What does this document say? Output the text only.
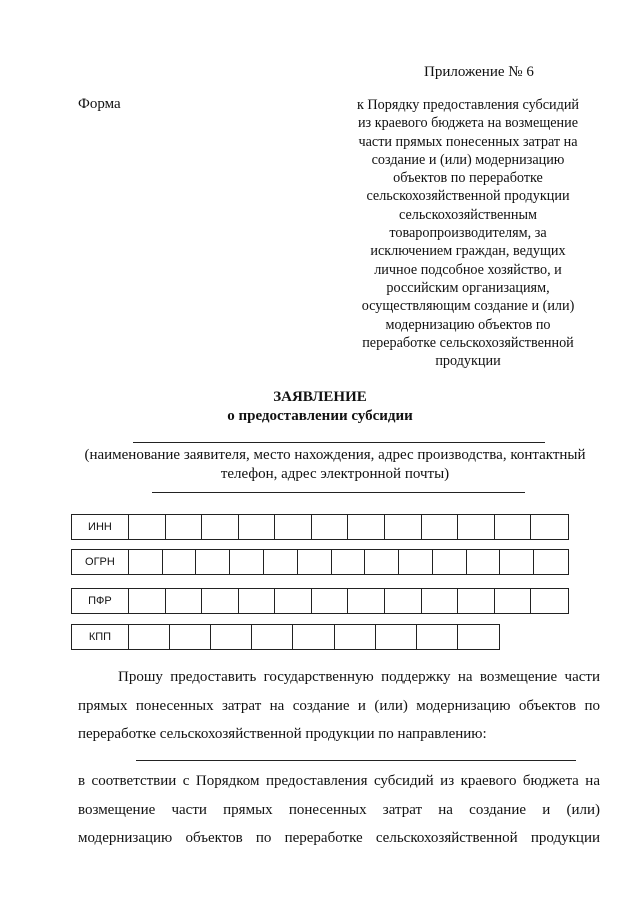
Приложение № 6
Форма	к Порядку предоставления субсидий
из краевого бюджета на возмещение
части прямых понесенных затрат на
создание и (или) модернизацию
объектов по переработке
сельскохозяйственной продукции
сельскохозяйственным
товаропроизводителям, за
исключением граждан, ведущих
личное подсобное хозяйство, и
российским организациям,
осуществляющим создание и (или)
модернизацию объектов по
переработке сельскохозяйственной
продукции
ЗАЯВЛЕНИЕ
о предоставлении субсидии
(наименование заявителя, место нахождения, адрес производства, контактный
телефон, адрес электронной почты)
ИНН
ОГРН
ПФР
КПП

Прошу предоставить государственную поддержку на возмещение части

прямых понесенных затрат на создание и (или) модернизацию объектов по

переработке сельскохозяйственной продукции по направлению:

в соответствии с Порядком предоставления субсидий из краевого бюджета на

возмещение части прямых понесенных затрат на создание и (или)

модернизацию объектов по переработке сельскохозяйственной продукции
